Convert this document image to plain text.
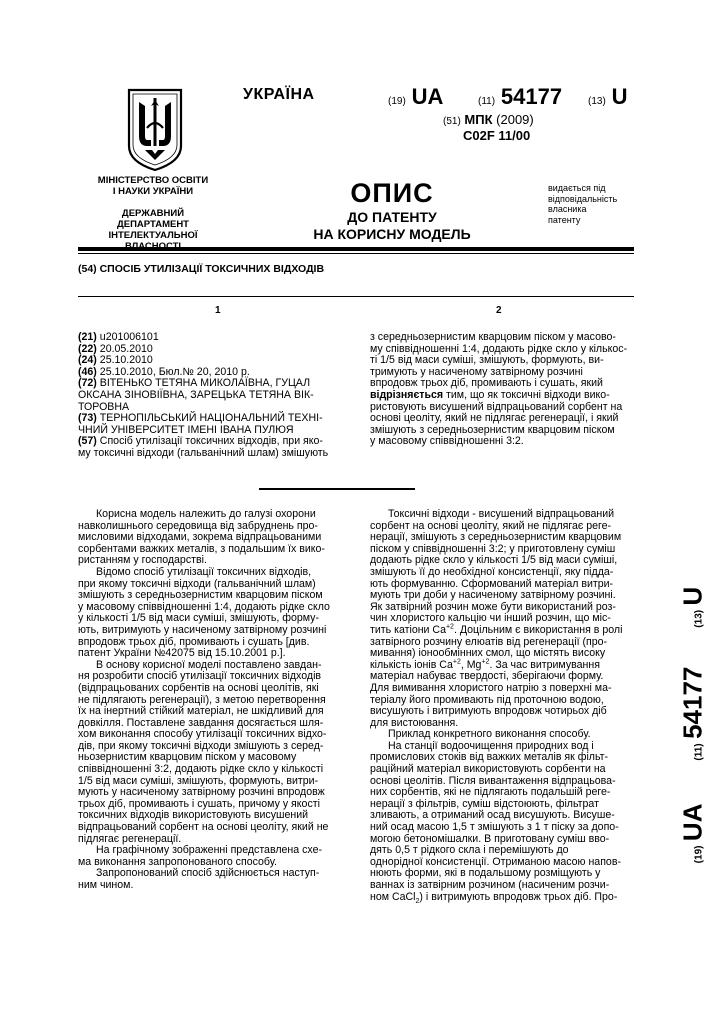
УКРАЇНА	(19) UA	(11) 54177	(13) U
(51) МПК (2009)
C02F 11/00
МІНІСТЕРСТВО ОСВІТИ
І НАУКИ УКРАЇНИ
ДЕРЖАВНИЙ ДЕПАРТАМЕНТ
ІНТЕЛЕКТУАЛЬНОЇ
ОПИС
ДО ПАТЕНТУ
НА КОРИСНУ МОДЕЛЬ
видається під
відповідальність
власника
патенту
(54) СПОСІБ УТИЛІЗАЦІЇ ТОКСИЧНИХ ВІДХОДІВ
1	2

(21) u201006101

(22) 20.05.2010

(24) 25.10.2010

(46) 25.10.2010, Бюл.№ 20, 2010 р.

(72) ВІТЕНЬКО ТЕТЯНА МИКОЛАЇВНА, ГУЦАЛ

ОКСАНА ЗІНОВІЇВНА, ЗАРЕЦЬКА ТЕТЯНА ВІК-

ТОРОВНА

(73) ТЕРНОПІЛЬСЬКИЙ НАЦІОНАЛЬНИЙ ТЕХНІ-

ЧНИЙ УНІВЕРСИТЕТ ІМЕНІ ІВАНА ПУЛЮЯ

(57) Спосіб утилізації токсичних відходів, при яко-

му токсичні відходи (гальванічний шлам) змішують

з середньозернистим кварцовим піском у масово-

му співвідношенні 1:4, додають рідке скло у кількос-

ті 1/5 від маси суміші, змішують, формують, ви-

тримують у насиченому затвірному розчині

впродовж трьох діб, промивають і сушать, який

відрізняється тим, що як токсичні відходи вико-

ристовують висушений відпрацьований сорбент на

основі цеоліту, який не підлягає регенерації, і який

змішують з середньозернистим кварцовим піском

у масовому співвідношенні 3:2.

Корисна модель належить до галузі охорони

навколишнього середовища від забруднень про-

мисловими відходами, зокрема відпрацьованими

сорбентами важких металів, з подальшим їх вико-

ристанням у господарстві.

Відомо спосіб утилізації токсичних відходів,

при якому токсичні відходи (гальванічний шлам)

змішують з середньозернистим кварцовим піском

у масовому співвідношенні 1:4, додають рідке скло

у кількості 1/5 від маси суміші, змішують, форму-

ють, витримують у насиченому затвірному розчині

впродовж трьох діб, промивають і сушать [див.

патент України №42075 від 15.10.2001 р.].

В основу корисної моделі поставлено завдан-

ня розробити спосіб утилізації токсичних відходів

(відпрацьованих сорбентів на основі цеолітів, які

не підлягають регенерації), з метою перетворення

їх на інертний стійкий матеріал, не шкідливий для

довкілля. Поставлене завдання досягається шля-

хом виконання способу утилізації токсичних відхо-

дів, при якому токсичні відходи змішують з серед-

ньозернистим кварцовим піском у масовому

співвідношенні 3:2, додають рідке скло у кількості

1/5 від маси суміші, змішують, формують, витри-

мують у насиченому затвірному розчині впродовж

трьох діб, промивають і сушать, причому у якості

токсичних відходів використовують висушений

відпрацьований сорбент на основі цеоліту, який не

підлягає регенерації.

На графічному зображенні представлена схе-

ма виконання запропонованого способу.

Запропонований спосіб здійснюється наступ-

ним чином.

Токсичні відходи - висушений відпрацьований

сорбент на основі цеоліту, який не підлягає реге-

нерації, змішують з середньозернистим кварцовим

піском у співвідношенні 3:2; у приготовлену суміш

додають рідке скло у кількості 1/5 від маси суміші,

змішують її до необхідної консистенції, яку піддa-

ють формуванню. Сформований матеріал витри-

мують три доби у насиченому затвірному розчині.

Як затвірний розчин може бути використаний роз-

чин хлористого кальцію чи інший розчин, що міс-

тить катіони $Ca^{+2}$. Доцільним є використання в ролі

затвірного розчину елюатів від регенерації (про-

мивання) іонообмінних смол, що містять високу

кількість іонів $Ca^{+2}$, $Mg^{+2}$. За час витримування

матеріал набуває твердості, зберігаючи форму.

Для вимивання хлористого натрію з поверхні ма-

теріалу його промивають під проточною водою,

висушують і витримують впродовж чотирьох діб

для вистоювання.

Приклад конкретного виконання способу.

На станції водоочищення природних вод і

промислових стоків від важких металів як фільт-

раційний матеріал використовують сорбенти на

основі цеолітів. Після вивантаження відпрацьова-

них сорбентів, які не підлягають подальшій реге-

нерації з фільтрів, суміш відстоюють, фільтрат

зливають, а отриманий осад висушують. Висуше-

ний осад масою 1,5 т змішують з 1 т піску за допо-

могою бетономішалки. В приготовану суміш вво-

дять 0,5 т рідкого скла і перемішують до

однорідної консистенції. Отриманою масою напов-

нюють форми, які в подальшому розміщують у

ваннах із затвірним розчином (насиченим розчи-

ном CaCl$_2$) і витримують впродовж трьох діб. Про-

(19) UA  (11) 54177  (13) U
